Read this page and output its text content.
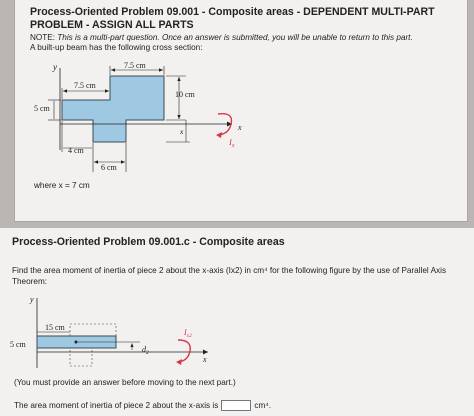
Process-Oriented Problem 09.001 - Composite areas - DEPENDENT MULTI-PART PROBLEM - ASSIGN ALL PARTS
NOTE: This is a multi-part question. Once an answer is submitted, you will be unable to return to this part.
A built-up beam has the following cross section:
y
x
7.5 cm
7.5 cm
5 cm
10 cm
x
4 cm
6 cm
$I_x$
where x = 7 cm
Process-Oriented Problem 09.001.c - Composite areas
Find the area moment of inertia of piece 2 about the x-axis (Ix2) in cm⁴ for the following figure by the use of Parallel Axis Theorem:
y
x
15 cm
5 cm
$d_2$
$I_{x2}$
(You must provide an answer before moving to the next part.)
The area moment of inertia of piece 2 about the x-axis is	cm⁴.
